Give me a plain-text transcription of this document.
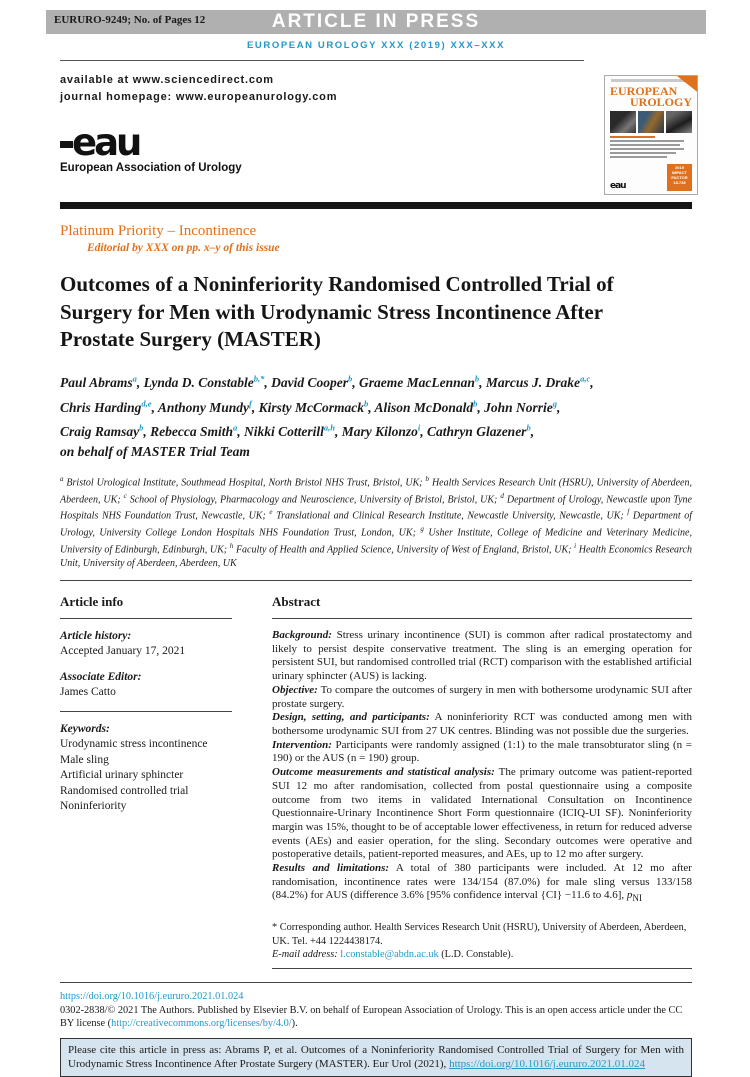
EURURO-9249; No. of Pages 12	ARTICLE IN PRESS
EUROPEAN UROLOGY XXX (2019) XXX–XXX
available at www.sciencedirect.com
journal homepage: www.europeanurology.com
eau
European Association of Urology
EUROPEAN
UROLOGY
eau
2019 IMPACT FACTOR 18.728
Platinum Priority – Incontinence
Editorial by XXX on pp. x–y of this issue
Outcomes of a Noninferiority Randomised Controlled Trial of
Surgery for Men with Urodynamic Stress Incontinence After
Prostate Surgery (MASTER)
Paul Abrams$^a$, Lynda D. Constable$^{b,*}$, David Cooper$^b$, Graeme MacLennan$^b$, Marcus J. Drake$^{a,c}$,
Chris Harding$^{d,e}$, Anthony Mundy$^f$, Kirsty McCormack$^b$, Alison McDonald$^b$, John Norrie$^g$,
Craig Ramsay$^b$, Rebecca Smith$^a$, Nikki Cotterill$^{a,h}$, Mary Kilonzo$^i$, Cathryn Glazener$^b$,
on behalf of MASTER Trial Team
$^a$ Bristol Urological Institute, Southmead Hospital, North Bristol NHS Trust, Bristol, UK; $^b$ Health Services Research Unit (HSRU), University of Aberdeen, Aberdeen, UK; $^c$ School of Physiology, Pharmacology and Neuroscience, University of Bristol, Bristol, UK; $^d$ Department of Urology, Newcastle upon Tyne Hospitals NHS Foundation Trust, Newcastle, UK; $^e$ Translational and Clinical Research Institute, Newcastle University, Newcastle, UK; $^f$ Department of Urology, University College London Hospitals NHS Foundation Trust, London, UK; $^g$ Usher Institute, College of Medicine and Veterinary Medicine, University of Edinburgh, Edinburgh, UK; $^h$ Faculty of Health and Applied Science, University of West of England, Bristol, UK; $^i$ Health Economics Research Unit, University of Aberdeen, Aberdeen, UK
Article info
Article history:
Accepted January 17, 2021
Associate Editor:
James Catto
Keywords:
Urodynamic stress incontinence
Male sling
Artificial urinary sphincter
Randomised controlled trial
Noninferiority
Abstract

Background: Stress urinary incontinence (SUI) is common after radical prostatectomy and likely to persist despite conservative treatment. The sling is an emerging operation for persistent SUI, but randomised controlled trial (RCT) comparison with the established artificial urinary sphincter (AUS) is lacking.

Objective: To compare the outcomes of surgery in men with bothersome urodynamic SUI after prostate surgery.

Design, setting, and participants: A noninferiority RCT was conducted among men with bothersome urodynamic SUI from 27 UK centres. Blinding was not possible due the surgeries.

Intervention: Participants were randomly assigned (1:1) to the male transobturator sling (n = 190) or the AUS (n = 190) group.

Outcome measurements and statistical analysis: The primary outcome was patient-reported SUI 12 mo after randomisation, collected from postal questionnaire using a composite outcome from two items in validated International Consultation on Incontinence Questionnaire-Urinary Incontinence Short Form questionnaire (ICIQ-UI SF). Noninferiority margin was 15%, thought to be of acceptable lower effectiveness, in return for reduced adverse events (AEs) and easier operation, for the sling. Secondary outcomes were operative and postoperative details, patient-reported measures, and AEs, up to 12 mo after surgery.

Results and limitations: A total of 380 participants were included. At 12 mo after randomisation, incontinence rates were 134/154 (87.0%) for male sling versus 133/158 (84.2%) for AUS (difference 3.6% [95% confidence interval {CI} −11.6 to 4.6], $p_{NI}$

* Corresponding author. Health Services Research Unit (HSRU), University of Aberdeen, Aberdeen, UK. Tel. +44 1224438174.
E-mail address: l.constable@abdn.ac.uk (L.D. Constable).
https://doi.org/10.1016/j.eururo.2021.01.024
0302-2838/© 2021 The Authors. Published by Elsevier B.V. on behalf of European Association of Urology. This is an open access article under the CC BY license (http://creativecommons.org/licenses/by/4.0/).
Please cite this article in press as: Abrams P, et al. Outcomes of a Noninferiority Randomised Controlled Trial of Surgery for Men with Urodynamic Stress Incontinence After Prostate Surgery (MASTER). Eur Urol (2021), https://doi.org/10.1016/j.eururo.2021.01.024
